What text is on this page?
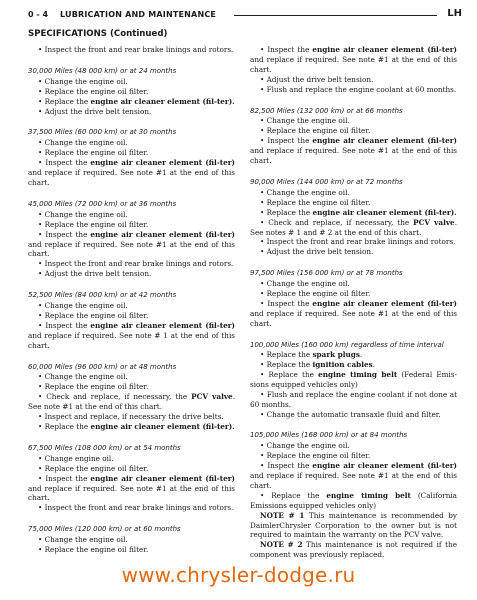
0 - 4 LUBRICATION AND MAINTENANCE	LH
SPECIFICATIONS (Continued)

• Inspect the front and rear brake linings and rotors.

30,000 Miles (48 000 km) or at 24 months

• Change the engine oil.

• Replace the engine oil filter.

• Replace the engine air cleaner element (fil-ter).

• Adjust the drive belt tension.

37,500 Miles (60 000 km) or at 30 months

• Change the engine oil.

• Replace the engine oil filter.

• Inspect the engine air cleaner element (fil-ter) and replace if required. See note #1 at the end of this chart.

45,000 Miles (72 000 km) or at 36 months

• Change the engine oil.

• Replace the engine oil filter.

• Inspect the engine air cleaner element (fil-ter) and replace if required. See note #1 at the end of this chart.

• Inspect the front and rear brake linings and rotors.

• Adjust the drive belt tension.

52,500 Miles (84 000 km) or at 42 months

• Change the engine oil.

• Replace the engine oil filter.

• Inspect the engine air cleaner element (fil-ter) and replace if required. See note # 1 at the end of this chart.

60,000 Miles (96 000 km) or at 48 months

• Change the engine oil.

• Replace the engine oil filter.

• Check and replace, if necessary, the PCV valve. See note #1 at the end of this chart.

• Inspect and replace, if necessary the drive belts.

• Replace the engine air cleaner element (fil-ter).

67,500 Miles (108 000 km) or at 54 months

• Change engine oil.

• Replace the engine oil filter.

• Inspect the engine air cleaner element (fil-ter) and replace if required. See note #1 at the end of this chart.

• Inspect the front and rear brake linings and rotors.

75,000 Miles (120 000 km) or at 60 months

• Change the engine oil.

• Replace the engine oil filter.

• Inspect the engine air cleaner element (fil-ter) and replace if required. See note #1 at the end of this chart.

• Adjust the drive belt tension.

• Flush and replace the engine coolant at 60 months.

82,500 Miles (132 000 km) or at 66 months

• Change the engine oil.

• Replace the engine oil filter.

• Inspect the engine air cleaner element (fil-ter) and replace if required. See note #1 at the end of this chart.

90,000 Miles (144 000 km) or at 72 months

• Change the engine oil.

• Replace the engine oil filter.

• Replace the engine air cleaner element (fil-ter).

• Check and replace, if necessary, the PCV valve. See notes # 1 and # 2 at the end of this chart.

• Inspect the front and rear brake linings and rotors.

• Adjust the drive belt tension.

97,500 Miles (156 000 km) or at 78 months

• Change the engine oil.

• Replace the engine oil filter.

• Inspect the engine air cleaner element (fil-ter) and replace if required. See note #1 at the end of this chart.

100,000 Miles (160 000 km) regardless of time interval

• Replace the spark plugs.

• Replace the ignition cables.

• Replace the engine timing belt (Federal Emis-sions equipped vehicles only)

• Flush and replace the engine coolant if not done at 60 months.

• Change the automatic transaxle fluid and filter.

105,000 Miles (168 000 km) or at 84 months

• Change the engine oil.

• Replace the engine oil filter.

• Inspect the engine air cleaner element (fil-ter) and replace if required. See note #1 at the end of this chart.

• Replace the engine timing belt (California Emissions equipped vehicles only)

NOTE # 1 This maintenance is recommended by DaimlerChrysler Corporation to the owner but is not required to maintain the warranty on the PCV valve.

NOTE # 2 This maintenance is not required if the component was previously replaced.

www.chrysler-dodge.ru
